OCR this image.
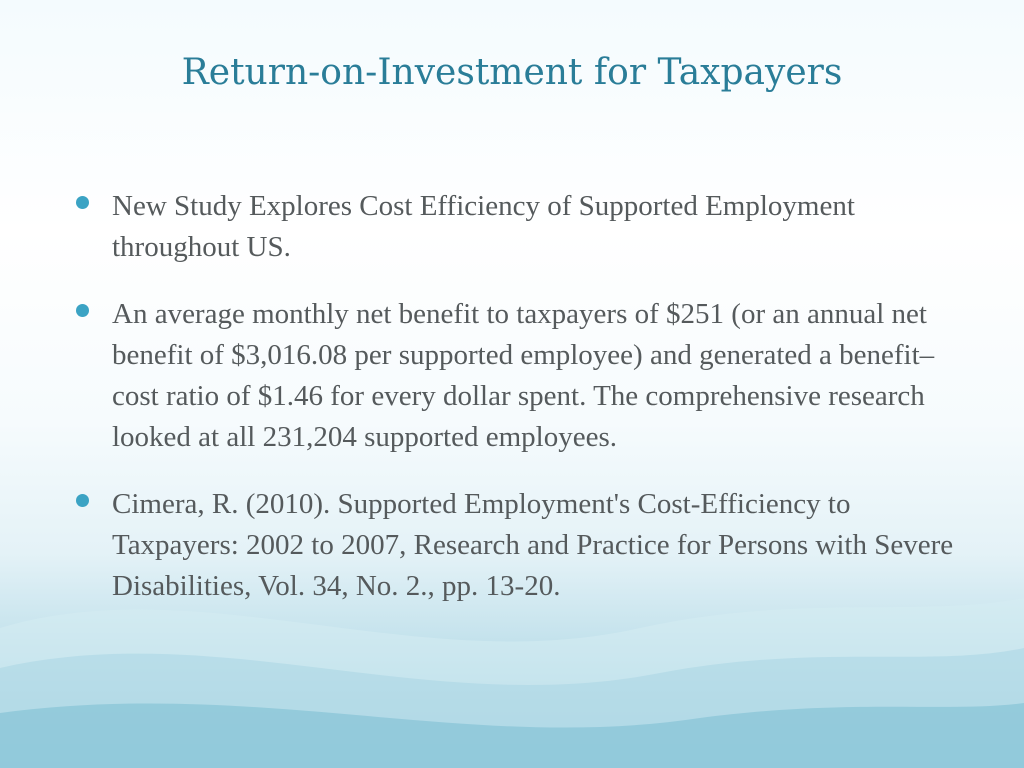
Return-on-Investment for Taxpayers
New Study Explores Cost Efficiency of Supported Employment throughout US.
An average monthly net benefit to taxpayers of $251 (or an annual net benefit of $3,016.08 per supported employee) and generated a benefit–cost ratio of $1.46 for every dollar spent. The comprehensive research looked at all 231,204 supported employees.
Cimera, R. (2010). Supported Employment's Cost-Efficiency to Taxpayers: 2002 to 2007, Research and Practice for Persons with Severe Disabilities, Vol. 34, No. 2., pp. 13-20.
